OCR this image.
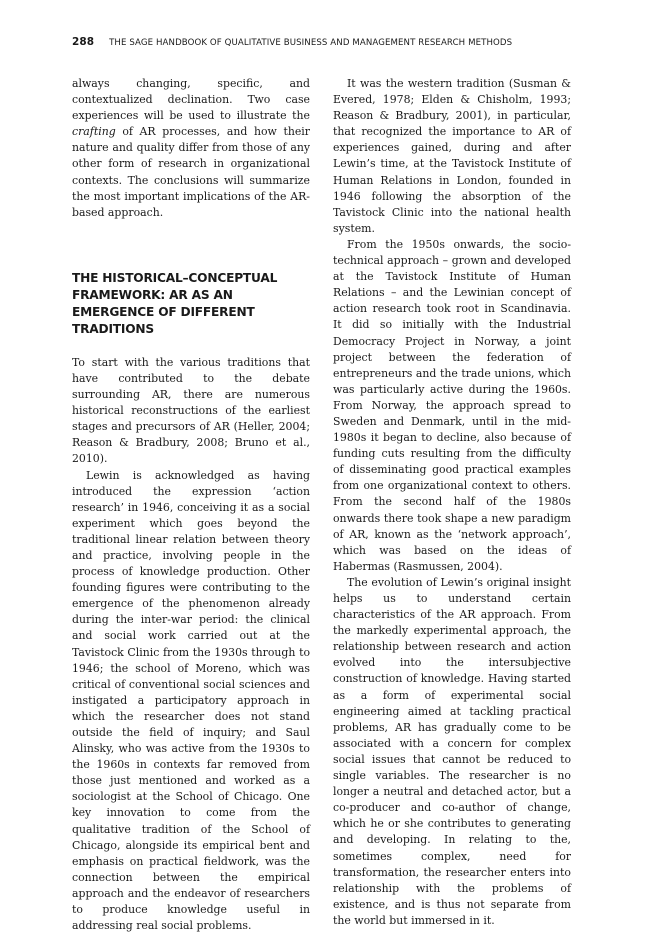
288 THE SAGE HANDBOOK OF QUALITATIVE BUSINESS AND MANAGEMENT RESEARCH METHODS

always changing, specific, and contextualized declination. Two case experiences will be used to illustrate the crafting of AR processes, and how their nature and quality differ from those of any other form of research in organizational contexts. The conclusions will summarize the most important implications of the AR-based approach.

THE HISTORICAL–CONCEPTUAL FRAMEWORK: AR AS AN EMERGENCE OF DIFFERENT TRADITIONS

To start with the various traditions that have contributed to the debate surrounding AR, there are numerous historical reconstructions of the earliest stages and precursors of AR (Heller, 2004; Reason & Bradbury, 2008; Bruno et al., 2010).

Lewin is acknowledged as having introduced the expression ‘action research’ in 1946, conceiving it as a social experiment which goes beyond the traditional linear relation between theory and practice, involving people in the process of knowledge production. Other founding figures were contributing to the emergence of the phenomenon already during the inter-war period: the clinical and social work carried out at the Tavistock Clinic from the 1930s through to 1946; the school of Moreno, which was critical of conventional social sciences and instigated a participatory approach in which the researcher does not stand outside the field of inquiry; and Saul Alinsky, who was active from the 1930s to the 1960s in contexts far removed from those just mentioned and worked as a sociologist at the School of Chicago. One key innovation to come from the qualitative tradition of the School of Chicago, alongside its empirical bent and emphasis on practical fieldwork, was the connection between the empirical approach and the endeavor of researchers to produce knowledge useful in addressing real social problems.

It was the western tradition (Susman & Evered, 1978; Elden & Chisholm, 1993; Reason & Bradbury, 2001), in particular, that recognized the importance to AR of experiences gained, during and after Lewin’s time, at the Tavistock Institute of Human Relations in London, founded in 1946 following the absorption of the Tavistock Clinic into the national health system.

From the 1950s onwards, the socio-technical approach – grown and developed at the Tavistock Institute of Human Relations – and the Lewinian concept of action research took root in Scandinavia. It did so initially with the Industrial Democracy Project in Norway, a joint project between the federation of entrepreneurs and the trade unions, which was particularly active during the 1960s. From Norway, the approach spread to Sweden and Denmark, until in the mid-1980s it began to decline, also because of funding cuts resulting from the difficulty of disseminating good practical examples from one organizational context to others. From the second half of the 1980s onwards there took shape a new paradigm of AR, known as the ‘network approach’, which was based on the ideas of Habermas (Rasmussen, 2004).

The evolution of Lewin’s original insight helps us to understand certain characteristics of the AR approach. From the markedly experimental approach, the relationship between research and action evolved into the intersubjective construction of knowledge. Having started as a form of experimental social engineering aimed at tackling practical problems, AR has gradually come to be associated with a concern for complex social issues that cannot be reduced to single variables. The researcher is no longer a neutral and detached actor, but a co-producer and co-author of change, which he or she contributes to generating and developing. In relating to the, sometimes complex, need for transformation, the researcher enters into relationship with the problems of existence, and is thus not separate from the world but immersed in it.
